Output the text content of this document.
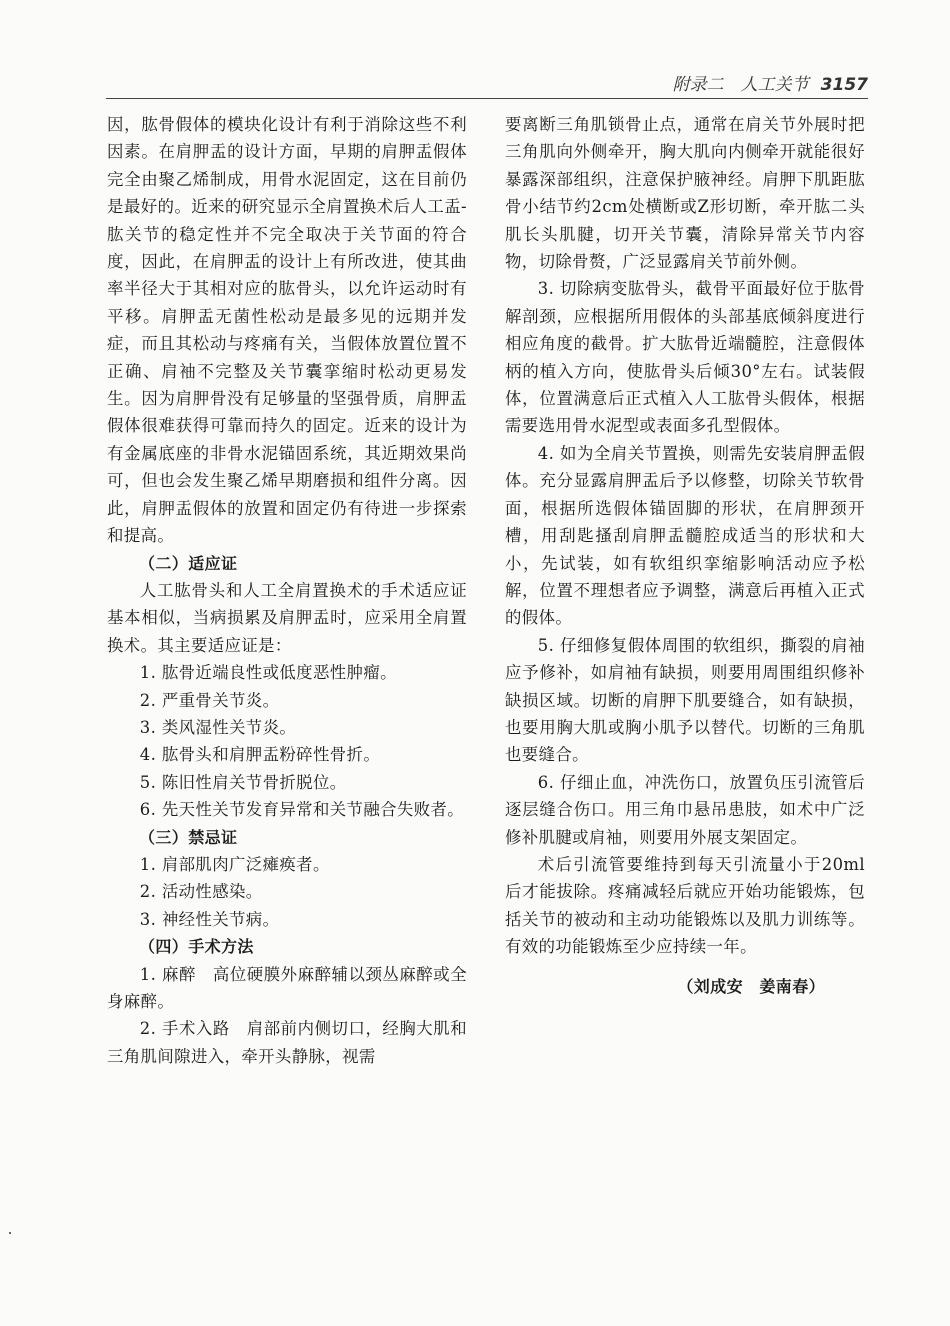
附录二　人工关节 3157

因，肱骨假体的模块化设计有利于消除这些不利因素。在肩胛盂的设计方面，早期的肩胛盂假体完全由聚乙烯制成，用骨水泥固定，这在目前仍是最好的。近来的研究显示全肩置换术后人工盂-肱关节的稳定性并不完全取决于关节面的符合度，因此，在肩胛盂的设计上有所改进，使其曲率半径大于其相对应的肱骨头，以允许运动时有平移。肩胛盂无菌性松动是最多见的远期并发症，而且其松动与疼痛有关，当假体放置位置不正确、肩袖不完整及关节囊挛缩时松动更易发生。因为肩胛骨没有足够量的坚强骨质，肩胛盂假体很难获得可靠而持久的固定。近来的设计为有金属底座的非骨水泥锚固系统，其近期效果尚可，但也会发生聚乙烯早期磨损和组件分离。因此，肩胛盂假体的放置和固定仍有待进一步探索和提高。

（二）适应证

人工肱骨头和人工全肩置换术的手术适应证基本相似，当病损累及肩胛盂时，应采用全肩置换术。其主要适应证是：

1. 肱骨近端良性或低度恶性肿瘤。

2. 严重骨关节炎。

3. 类风湿性关节炎。

4. 肱骨头和肩胛盂粉碎性骨折。

5. 陈旧性肩关节骨折脱位。

6. 先天性关节发育异常和关节融合失败者。

（三）禁忌证

1. 肩部肌肉广泛瘫痪者。

2. 活动性感染。

3. 神经性关节病。

（四）手术方法

1. 麻醉　高位硬膜外麻醉辅以颈丛麻醉或全身麻醉。

2. 手术入路　肩部前内侧切口，经胸大肌和三角肌间隙进入，牵开头静脉，视需

要离断三角肌锁骨止点，通常在肩关节外展时把三角肌向外侧牵开，胸大肌向内侧牵开就能很好暴露深部组织，注意保护腋神经。肩胛下肌距肱骨小结节约2cm处横断或Z形切断，牵开肱二头肌长头肌腱，切开关节囊，清除异常关节内容物，切除骨赘，广泛显露肩关节前外侧。

3. 切除病变肱骨头，截骨平面最好位于肱骨解剖颈，应根据所用假体的头部基底倾斜度进行相应角度的截骨。扩大肱骨近端髓腔，注意假体柄的植入方向，使肱骨头后倾30°左右。试装假体，位置满意后正式植入人工肱骨头假体，根据需要选用骨水泥型或表面多孔型假体。

4. 如为全肩关节置换，则需先安装肩胛盂假体。充分显露肩胛盂后予以修整，切除关节软骨面，根据所选假体锚固脚的形状，在肩胛颈开槽，用刮匙搔刮肩胛盂髓腔成适当的形状和大小，先试装，如有软组织挛缩影响活动应予松解，位置不理想者应予调整，满意后再植入正式的假体。

5. 仔细修复假体周围的软组织，撕裂的肩袖应予修补，如肩袖有缺损，则要用周围组织修补缺损区域。切断的肩胛下肌要缝合，如有缺损，也要用胸大肌或胸小肌予以替代。切断的三角肌也要缝合。

6. 仔细止血，冲洗伤口，放置负压引流管后逐层缝合伤口。用三角巾悬吊患肢，如术中广泛修补肌腱或肩袖，则要用外展支架固定。

术后引流管要维持到每天引流量小于20ml后才能拔除。疼痛减轻后就应开始功能锻炼，包括关节的被动和主动功能锻炼以及肌力训练等。有效的功能锻炼至少应持续一年。

（刘成安　姜南春）
